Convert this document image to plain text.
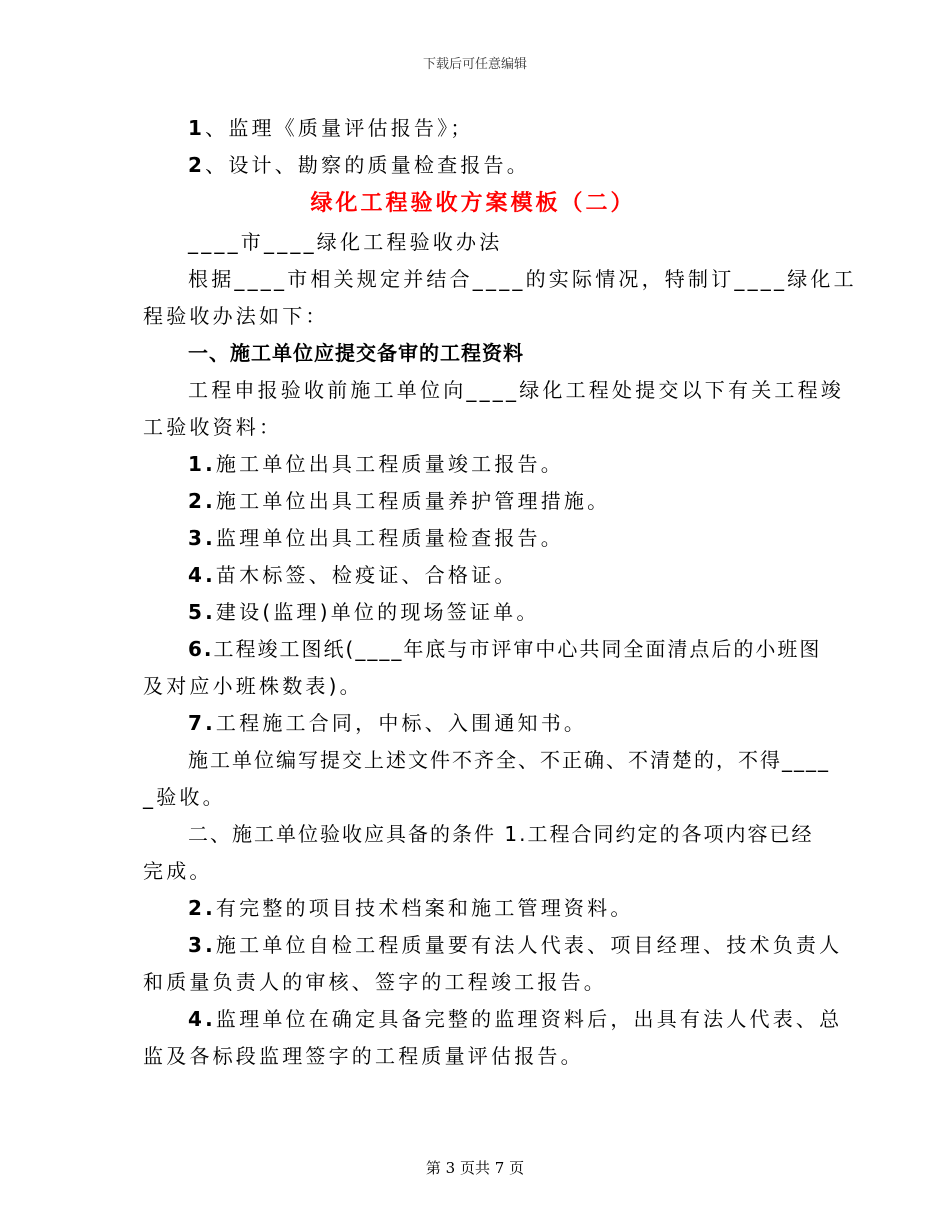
下载后可任意编辑
1、监理《质量评估报告》；
2、设计、勘察的质量检查报告。
绿化工程验收方案模板（二）
____市____绿化工程验收办法
根据____市相关规定并结合____的实际情况，特制订____绿化工
程验收办法如下：
一、施工单位应提交备审的工程资料
工程申报验收前施工单位向____绿化工程处提交以下有关工程竣
工验收资料：
1.施工单位出具工程质量竣工报告。
2.施工单位出具工程质量养护管理措施。
3.监理单位出具工程质量检查报告。
4.苗木标签、检疫证、合格证。
5.建设(监理)单位的现场签证单。
6.工程竣工图纸(____年底与市评审中心共同全面清点后的小班图
及对应小班株数表)。
7.工程施工合同，中标、入围通知书。
施工单位编写提交上述文件不齐全、不正确、不清楚的，不得____
_验收。
二、施工单位验收应具备的条件 1.工程合同约定的各项内容已经
完成。
2.有完整的项目技术档案和施工管理资料。
3.施工单位自检工程质量要有法人代表、项目经理、技术负责人
和质量负责人的审核、签字的工程竣工报告。
4.监理单位在确定具备完整的监理资料后，出具有法人代表、总
监及各标段监理签字的工程质量评估报告。
第 3 页共 7 页
